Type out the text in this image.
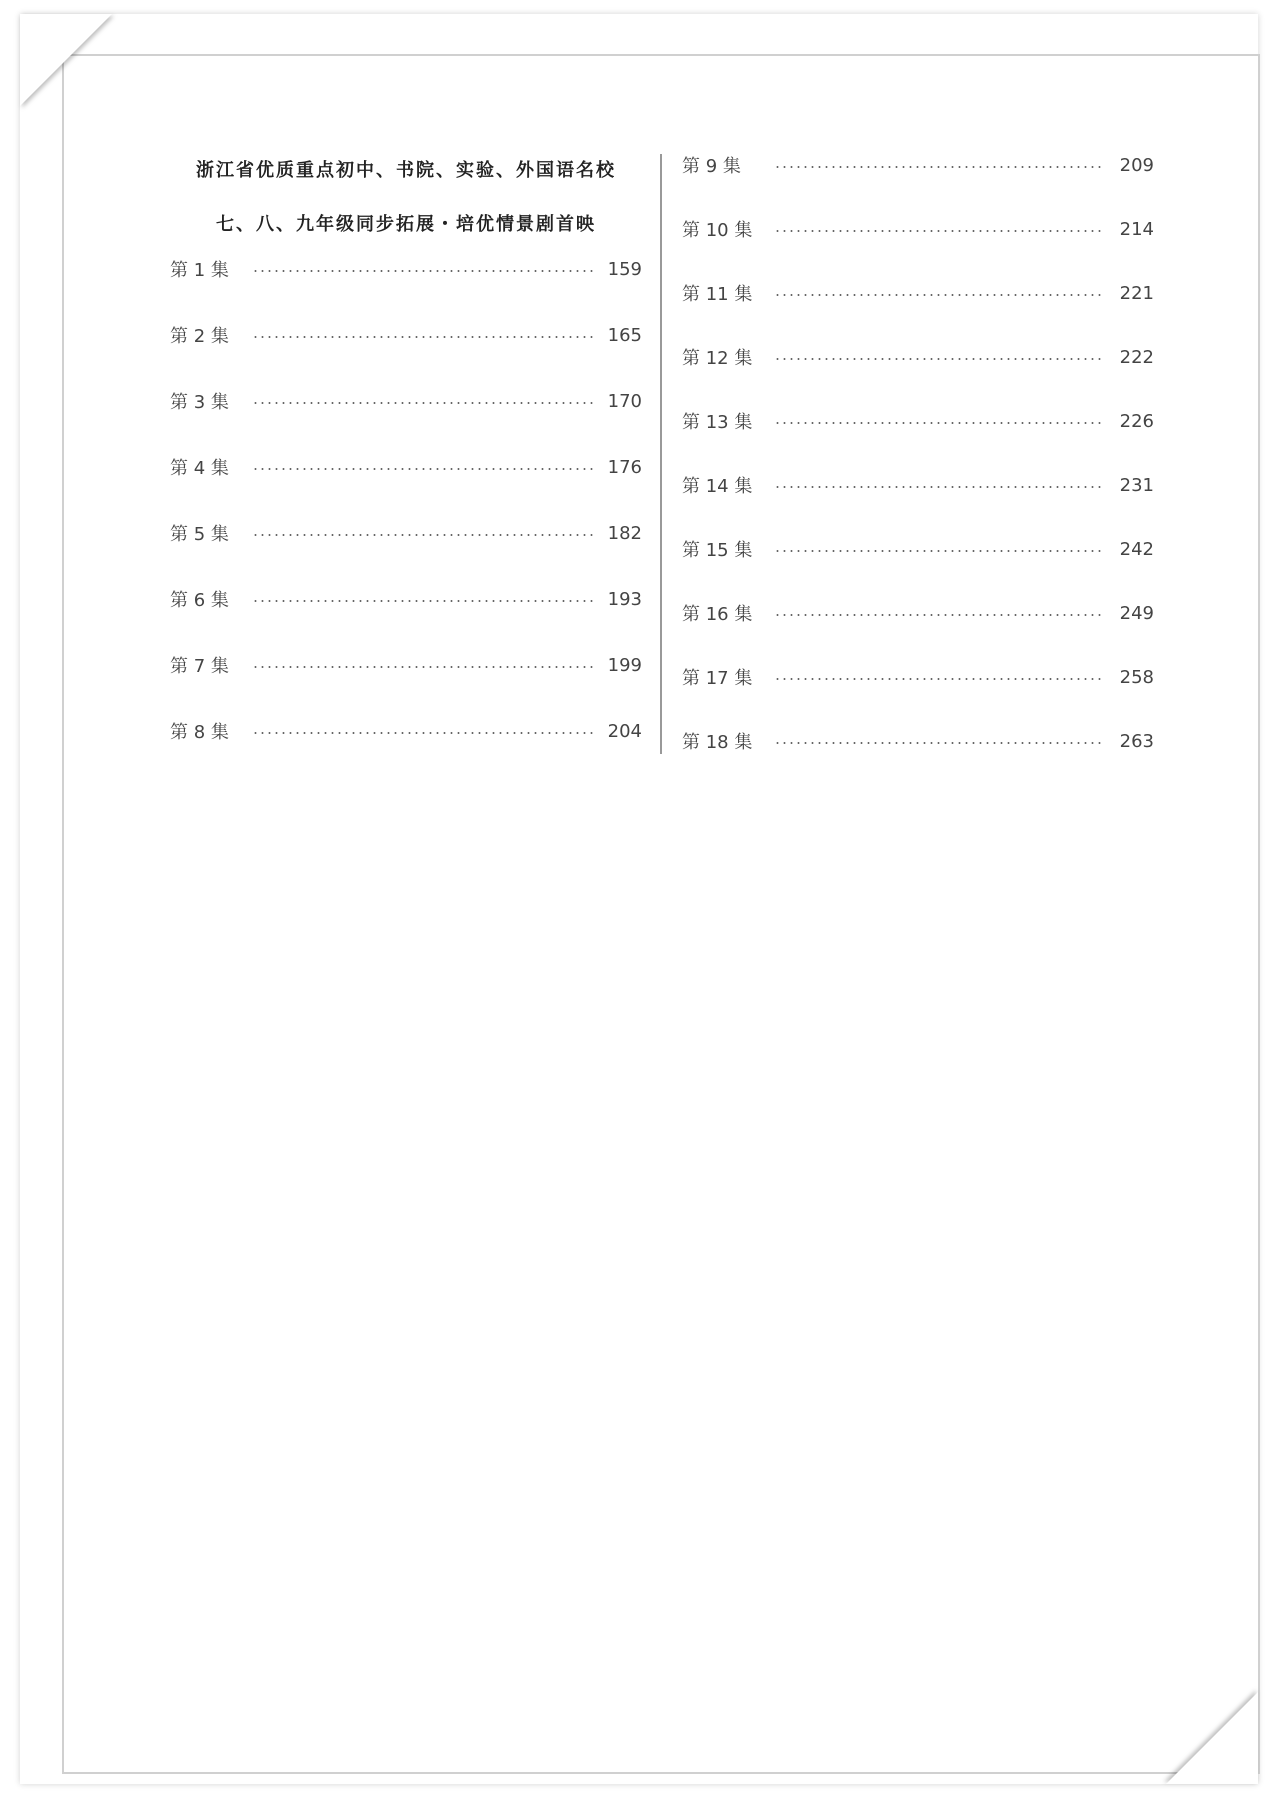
浙江省优质重点初中、书院、实验、外国语名校
七、八、九年级同步拓展・培优情景剧首映
第 1 集	159
第 2 集	165
第 3 集	170
第 4 集	176
第 5 集	182
第 6 集	193
第 7 集	199
第 8 集	204
第 9 集	209
第 10 集	214
第 11 集	221
第 12 集	222
第 13 集	226
第 14 集	231
第 15 集	242
第 16 集	249
第 17 集	258
第 18 集	263
